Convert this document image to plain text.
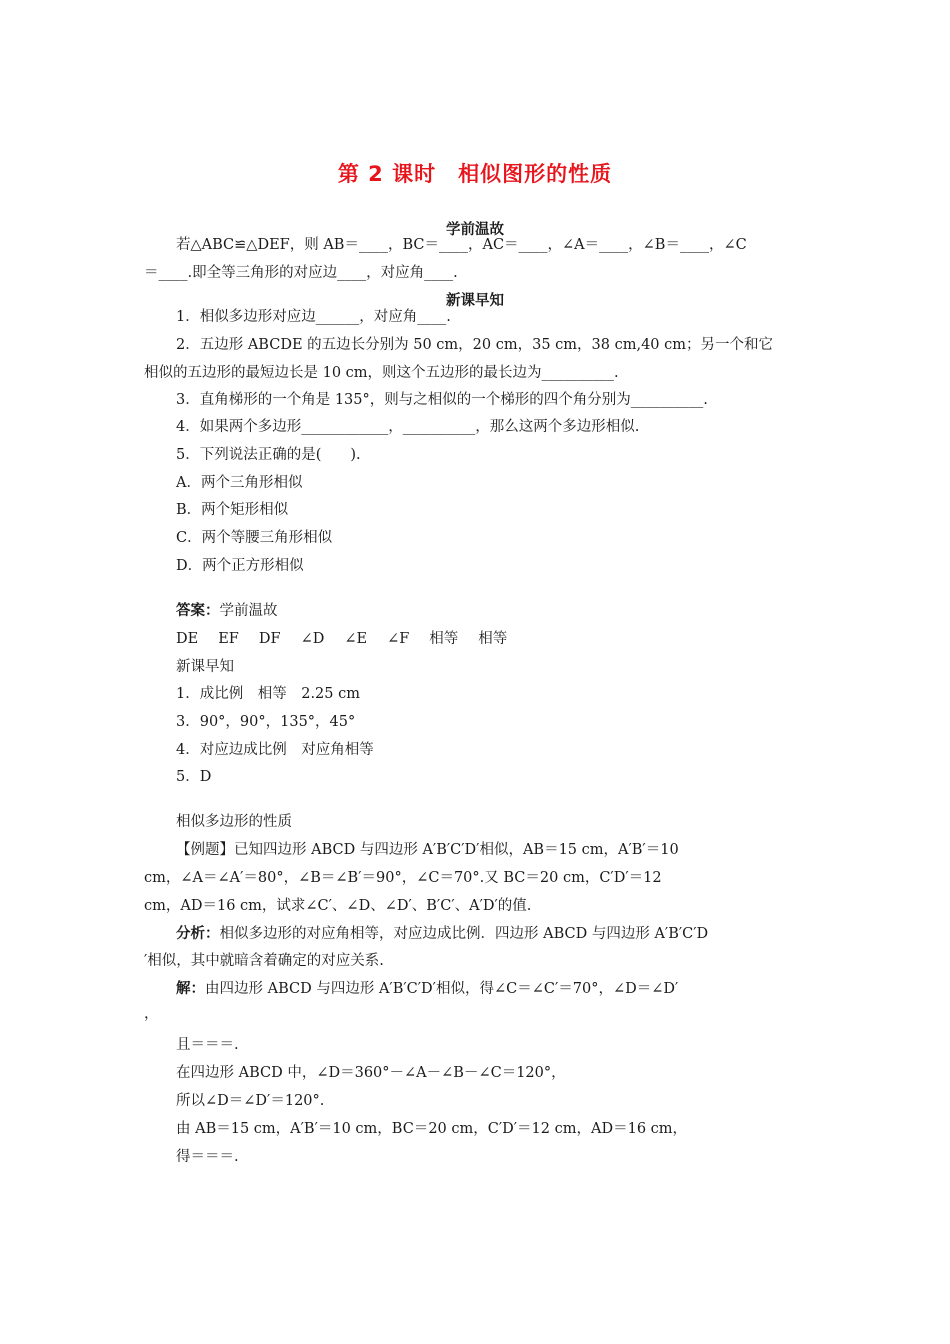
第 2 课时　相似图形的性质
学前温故
若△ABC≌△DEF，则 AB＝____，BC＝____，AC＝____，∠A＝____，∠B＝____，∠C
＝____.即全等三角形的对应边____，对应角____.
新课早知
1．相似多边形对应边______，对应角____.
2．五边形 ABCDE 的五边长分别为 50 cm，20 cm，35 cm，38 cm,40 cm；另一个和它
相似的五边形的最短边长是 10 cm，则这个五边形的最长边为__________.
3．直角梯形的一个角是 135°，则与之相似的一个梯形的四个角分别为__________.
4．如果两个多边形____________，__________，那么这两个多边形相似.
5．下列说法正确的是(　　).
A．两个三角形相似
B．两个矩形相似
C．两个等腰三角形相似
D．两个正方形相似
答案：学前温故
DE EF DF ∠D ∠E ∠F 相等 相等
新课早知
1．成比例　相等　2.25 cm
3．90°，90°，135°，45°
4．对应边成比例　对应角相等
5．D
相似多边形的性质
【例题】已知四边形 ABCD 与四边形 A′B′C′D′相似，AB＝15 cm，A′B′＝10
cm，∠A＝∠A′＝80°，∠B＝∠B′＝90°，∠C＝70°.又 BC＝20 cm，C′D′＝12
cm，AD＝16 cm，试求∠C′、∠D、∠D′、B′C′、A′D′的值.
分析：相似多边形的对应角相等，对应边成比例．四边形 ABCD 与四边形 A′B′C′D
′相似，其中就暗含着确定的对应关系.
解：由四边形 ABCD 与四边形 A′B′C′D′相似，得∠C＝∠C′＝70°，∠D＝∠D′
，
且＝＝＝.
在四边形 ABCD 中，∠D＝360°－∠A－∠B－∠C＝120°，
所以∠D＝∠D′＝120°.
由 AB＝15 cm，A′B′＝10 cm，BC＝20 cm，C′D′＝12 cm，AD＝16 cm，
得＝＝＝.
